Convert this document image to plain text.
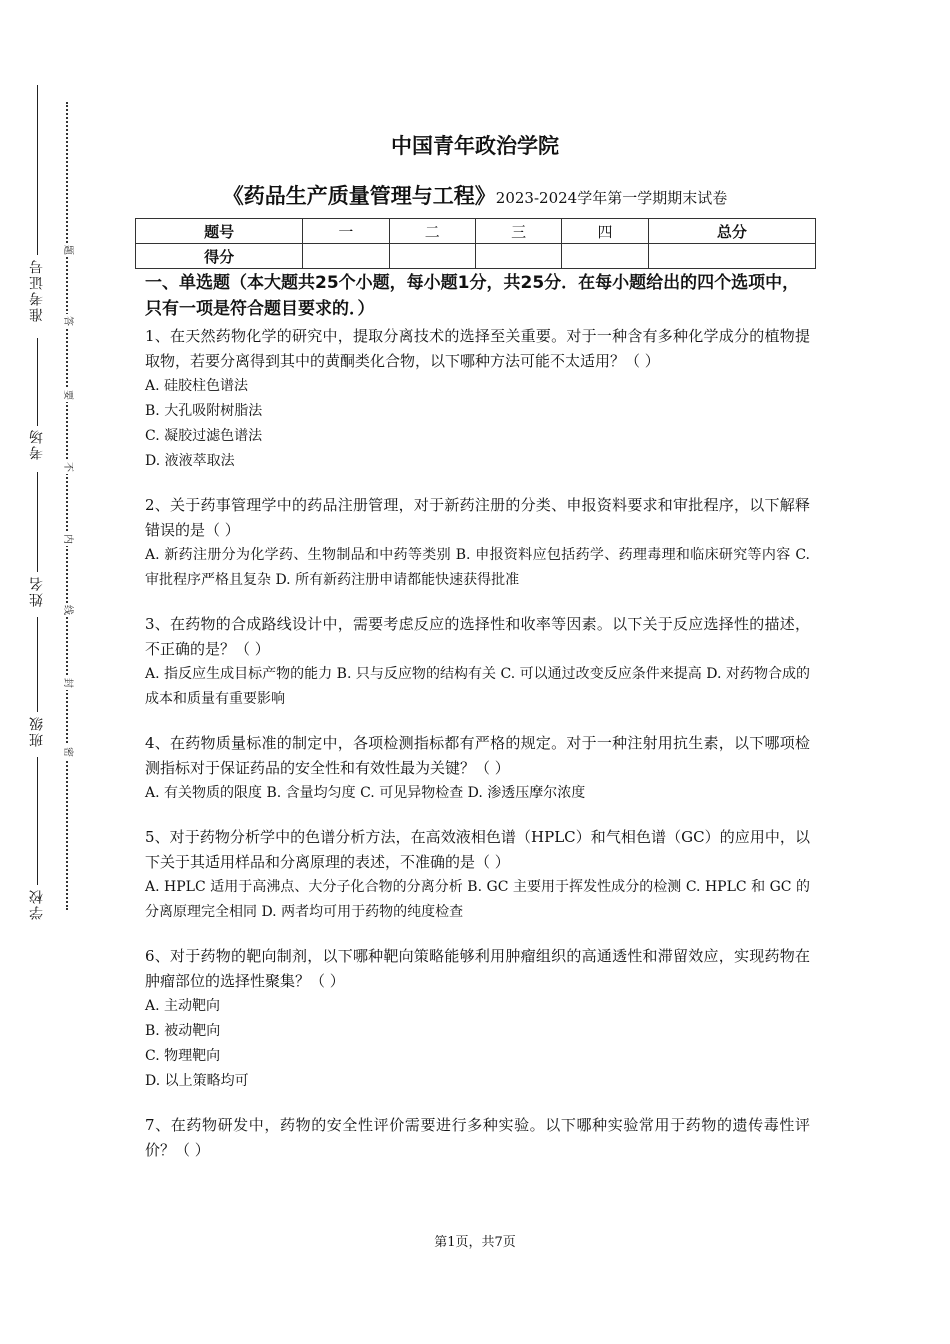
准考证号
考场
姓名
班级
学校
题
答
要
不
内
线
封
密
中国青年政治学院
《药品生产质量管理与工程》2023-2024学年第一学期期末试卷
题号	一	二	三	四	总分
得分					
一、单选题（本大题共25个小题，每小题1分，共25分．在每小题给出的四个选项中，只有一项是符合题目要求的．）

1、在天然药物化学的研究中，提取分离技术的选择至关重要。对于一种含有多种化学成分的植物提取物，若要分离得到其中的黄酮类化合物，以下哪种方法可能不太适用？（ ）

A. 硅胶柱色谱法

B. 大孔吸附树脂法

C. 凝胶过滤色谱法

D. 液液萃取法

2、关于药事管理学中的药品注册管理，对于新药注册的分类、申报资料要求和审批程序，以下解释错误的是（ ）

A. 新药注册分为化学药、生物制品和中药等类别 B. 申报资料应包括药学、药理毒理和临床研究等内容 C. 审批程序严格且复杂 D. 所有新药注册申请都能快速获得批准

3、在药物的合成路线设计中，需要考虑反应的选择性和收率等因素。以下关于反应选择性的描述，不正确的是？（ ）

A. 指反应生成目标产物的能力 B. 只与反应物的结构有关 C. 可以通过改变反应条件来提高 D. 对药物合成的成本和质量有重要影响

4、在药物质量标准的制定中，各项检测指标都有严格的规定。对于一种注射用抗生素，以下哪项检测指标对于保证药品的安全性和有效性最为关键？（ ）

A. 有关物质的限度 B. 含量均匀度 C. 可见异物检查 D. 渗透压摩尔浓度

5、对于药物分析学中的色谱分析方法，在高效液相色谱（HPLC）和气相色谱（GC）的应用中，以下关于其适用样品和分离原理的表述，不准确的是（ ）

A. HPLC 适用于高沸点、大分子化合物的分离分析 B. GC 主要用于挥发性成分的检测 C. HPLC 和 GC 的分离原理完全相同 D. 两者均可用于药物的纯度检查

6、对于药物的靶向制剂，以下哪种靶向策略能够利用肿瘤组织的高通透性和滞留效应，实现药物在肿瘤部位的选择性聚集？（ ）

A. 主动靶向

B. 被动靶向

C. 物理靶向

D. 以上策略均可

7、在药物研发中，药物的安全性评价需要进行多种实验。以下哪种实验常用于药物的遗传毒性评价？（ ）

第1页，共7页
